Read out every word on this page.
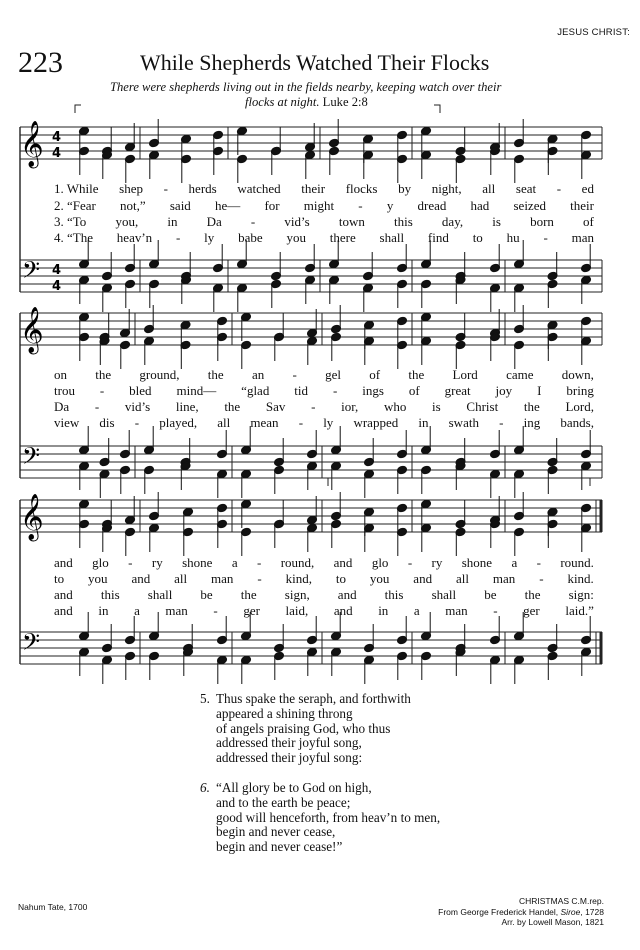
JESUS CHRIST:
223	While Shepherds Watched Their Flocks
There were shepherds living out in the fields nearby, keeping watch over their
flocks at night. Luke 2:8
𝄞
𝄢
4
4
4
4
𝄞
𝄢
𝄞
𝄢
1. While shep - herds watched their flocks by night, all seat - ed
2. “Fear not,” said he— for might - y dread had seized their
3. “To you, in Da - vid’s town this day, is born of
4. “The heav’n - ly babe you there shall find to hu - man
on the ground, the an - gel of the Lord came down,
trou - bled mind— “glad tid - ings of great joy I bring
Da - vid’s line, the Sav - ior, who is Christ the Lord,
view dis - played, all mean - ly wrapped in swath - ing bands,
and glo - ry shone a - round, and glo - ry shone a - round.
to you and all man - kind, to you and all man - kind.
and this shall be the sign, and this shall be the sign:
and in a man - ger laid, and in a man - ger laid.”
5. Thus spake the seraph, and forthwith
appeared a shining throng
of angels praising God, who thus
addressed their joyful song,
addressed their joyful song:
6. “All glory be to God on high,
and to the earth be peace;
good will henceforth, from heav’n to men,
begin and never cease,
begin and never cease!”
Nahum Tate, 1700
CHRISTMAS C.M.rep.
From George Frederick Handel, Siroe, 1728
Arr. by Lowell Mason, 1821
